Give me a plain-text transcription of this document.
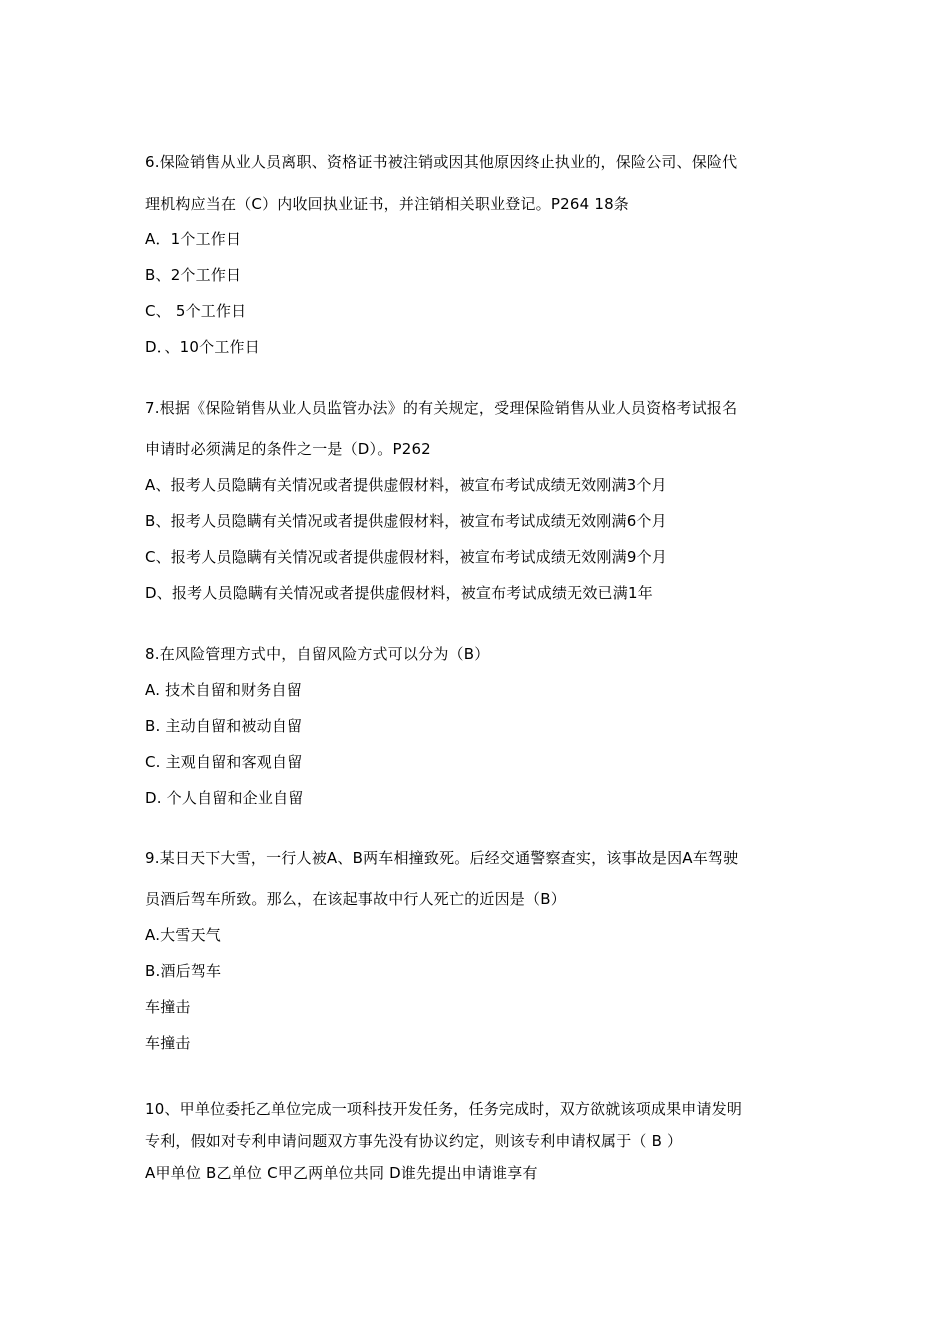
6.保险销售从业人员离职、资格证书被注销或因其他原因终止执业的，保险公司、保险代
理机构应当在（C）内收回执业证书，并注销相关职业登记。P264 18条
A．1个工作日
B、2个工作日
C、 5个工作日
D．、10个工作日
7.根据《保险销售从业人员监管办法》的有关规定，受理保险销售从业人员资格考试报名
申请时必须满足的条件之一是（D）。P262
A、报考人员隐瞒有关情况或者提供虚假材料，被宣布考试成绩无效刚满3个月
B、报考人员隐瞒有关情况或者提供虚假材料，被宣布考试成绩无效刚满6个月
C、报考人员隐瞒有关情况或者提供虚假材料，被宣布考试成绩无效刚满9个月
D、报考人员隐瞒有关情况或者提供虚假材料，被宣布考试成绩无效已满1年
8.在风险管理方式中，自留风险方式可以分为（B）
A. 技术自留和财务自留
B. 主动自留和被动自留
C. 主观自留和客观自留
D. 个人自留和企业自留
9.某日天下大雪，一行人被A、B两车相撞致死。后经交通警察查实，该事故是因A车驾驶
员酒后驾车所致。那么，在该起事故中行人死亡的近因是（B）
A.大雪天气
B.酒后驾车
车撞击
车撞击
10、甲单位委托乙单位完成一项科技开发任务，任务完成时，双方欲就该项成果申请发明
专利，假如对专利申请问题双方事先没有协议约定，则该专利申请权属于（ B ）
A甲单位 B乙单位 C甲乙两单位共同 D谁先提出申请谁享有
